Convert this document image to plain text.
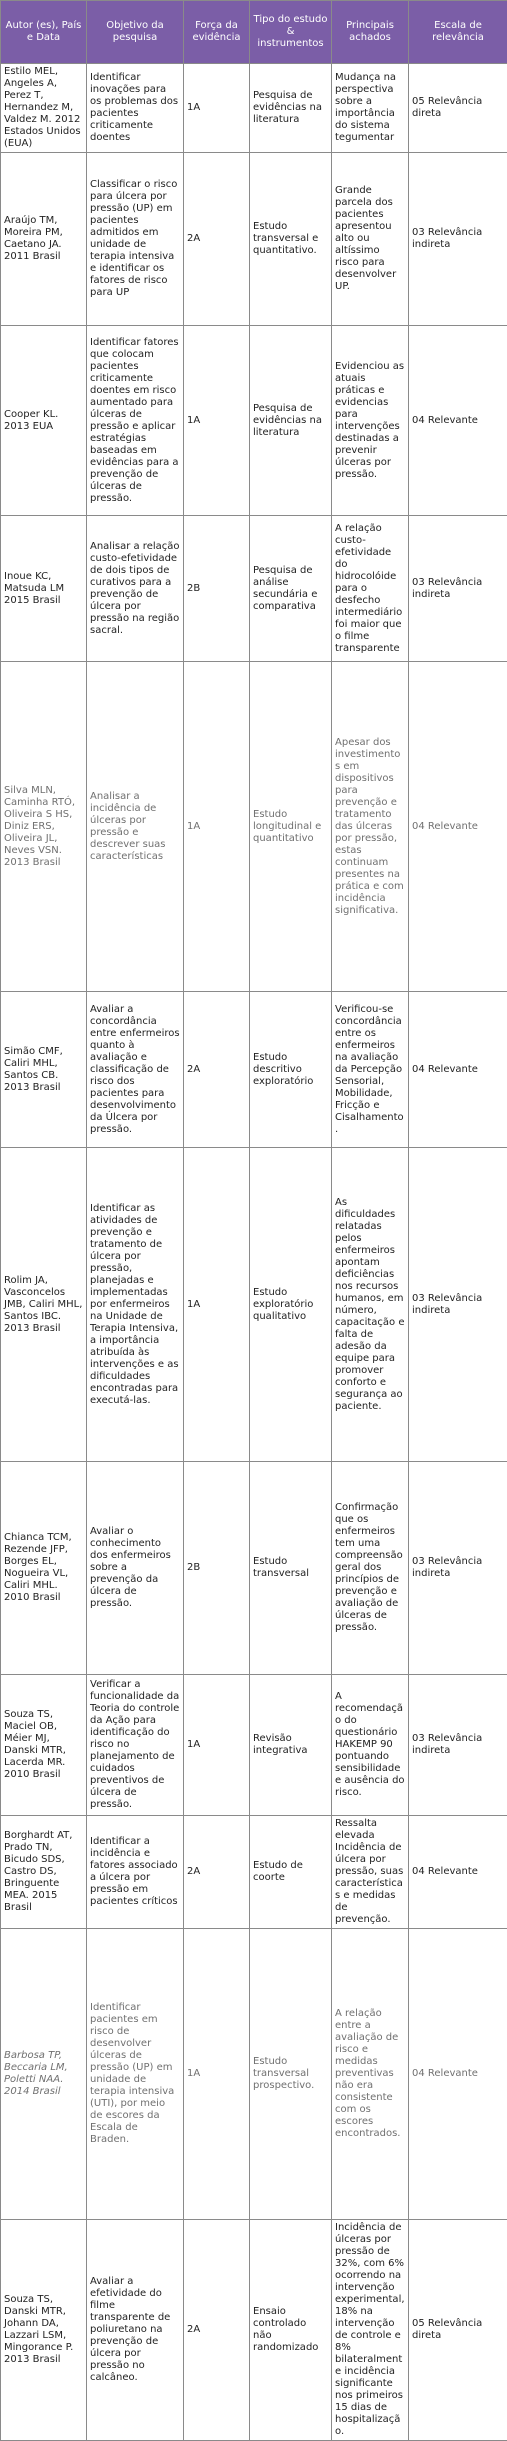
Autor (es), País e Data	Objetivo da pesquisa	Força da evidência	Tipo do estudo & instrumentos	Principais achados	Escala de relevância
Estilo MEL, Angeles A, Perez T, Hernandez M, Valdez M. 2012 Estados Unidos (EUA)	Identificar inovações para os problemas dos pacientes criticamente doentes	1A	Pesquisa de evidências na literatura	Mudança na perspectiva sobre a importância do sistema tegumentar	05 Relevância direta
Araújo TM, Moreira PM, Caetano JA. 2011 Brasil	Classificar o risco para úlcera por pressão (UP) em pacientes admitidos em unidade de terapia intensiva e identificar os fatores de risco para UP	2A	Estudo transversal e quantitativo.	Grande parcela dos pacientes apresentou alto ou altíssimo risco para desenvolver UP.	03 Relevância indireta
Cooper KL. 2013 EUA	Identificar fatores que colocam pacientes criticamente doentes em risco aumentado para úlceras de pressão e aplicar estratégias baseadas em evidências para a prevenção de úlceras de pressão.	1A	Pesquisa de evidências na literatura	Evidenciou as atuais práticas e evidencias para intervenções destinadas a prevenir úlceras por pressão.	04 Relevante
Inoue KC, Matsuda LM 2015 Brasil	Analisar a relação custo-efetividade de dois tipos de curativos para a prevenção de úlcera por pressão na região sacral.	2B	Pesquisa de análise secundária e comparativa	A relação custo-efetividade do hidrocolóide para o desfecho intermediário foi maior que o filme transparente	03 Relevância indireta
Silva MLN, Caminha RTÓ, Oliveira S HS, Diniz ERS, Oliveira JL, Neves VSN. 2013 Brasil	Analisar a incidência de úlceras por pressão e descrever suas características	1A	Estudo longitudinal e quantitativo	Apesar dos investimentos em dispositivos para prevenção e tratamento das úlceras por pressão, estas continuam presentes na prática e com incidência significativa.	04 Relevante
Simão CMF, Caliri MHL, Santos CB. 2013 Brasil	Avaliar a concordância entre enfermeiros quanto à avaliação e classificação de risco dos pacientes para desenvolvimento da Úlcera por pressão.	2A	Estudo descritivo exploratório	Verificou-se concordância entre os enfermeiros na avaliação da Percepção Sensorial, Mobilidade, Fricção e Cisalhamento.	04 Relevante
Rolim JA, Vasconcelos JMB, Caliri MHL, Santos IBC. 2013 Brasil	Identificar as atividades de prevenção e tratamento de úlcera por pressão, planejadas e implementadas por enfermeiros na Unidade de Terapia Intensiva, a importância atribuída às intervenções e as dificuldades encontradas para executá-las.	1A	Estudo exploratório qualitativo	As dificuldades relatadas pelos enfermeiros apontam deficiências nos recursos humanos, em número, capacitação e falta de adesão da equipe para promover conforto e segurança ao paciente.	03 Relevância indireta
Chianca TCM, Rezende JFP, Borges EL, Nogueira VL, Caliri MHL. 2010 Brasil	Avaliar o conhecimento dos enfermeiros sobre a prevenção da úlcera de pressão.	2B	Estudo transversal	Confirmação que os enfermeiros tem uma compreensão geral dos princípios de prevenção e avaliação de úlceras de pressão.	03 Relevância indireta
Souza TS, Maciel OB, Méier MJ, Danski MTR, Lacerda MR. 2010 Brasil	Verificar a funcionalidade da Teoria do controle da Ação para identificação do risco no planejamento de cuidados preventivos de úlcera de pressão.	1A	Revisão integrativa	A recomendação do questionário HAKEMP 90 pontuando sensibilidade e ausência do risco.	03 Relevância indireta
Borghardt AT, Prado TN, Bicudo SDS, Castro DS, Bringuente MEA. 2015 Brasil	Identificar a incidência e fatores associado a úlcera por pressão em pacientes críticos	2A	Estudo de coorte	Ressalta elevada Incidência de úlcera por pressão, suas características e medidas de prevenção.	04 Relevante
Barbosa TP, Beccaria LM, Poletti NAA. 2014 Brasil	Identificar pacientes em risco de desenvolver úlceras de pressão (UP) em unidade de terapia intensiva (UTI), por meio de escores da Escala de Braden.	1A	Estudo transversal prospectivo.	A relação entre a avaliação de risco e medidas preventivas não era consistente com os escores encontrados.	04 Relevante
Souza TS, Danski MTR, Johann DA, Lazzari LSM, Mingorance P. 2013 Brasil	Avaliar a efetividade do filme transparente de poliuretano na prevenção de úlcera por pressão no calcâneo.	2A	Ensaio controlado não randomizado	Incidência de úlceras por pressão de 32%, com 6% ocorrendo na intervenção experimental, 18% na intervenção de controle e 8% bilateralmente incidência significante nos primeiros 15 dias de hospitalização.	05 Relevância direta
